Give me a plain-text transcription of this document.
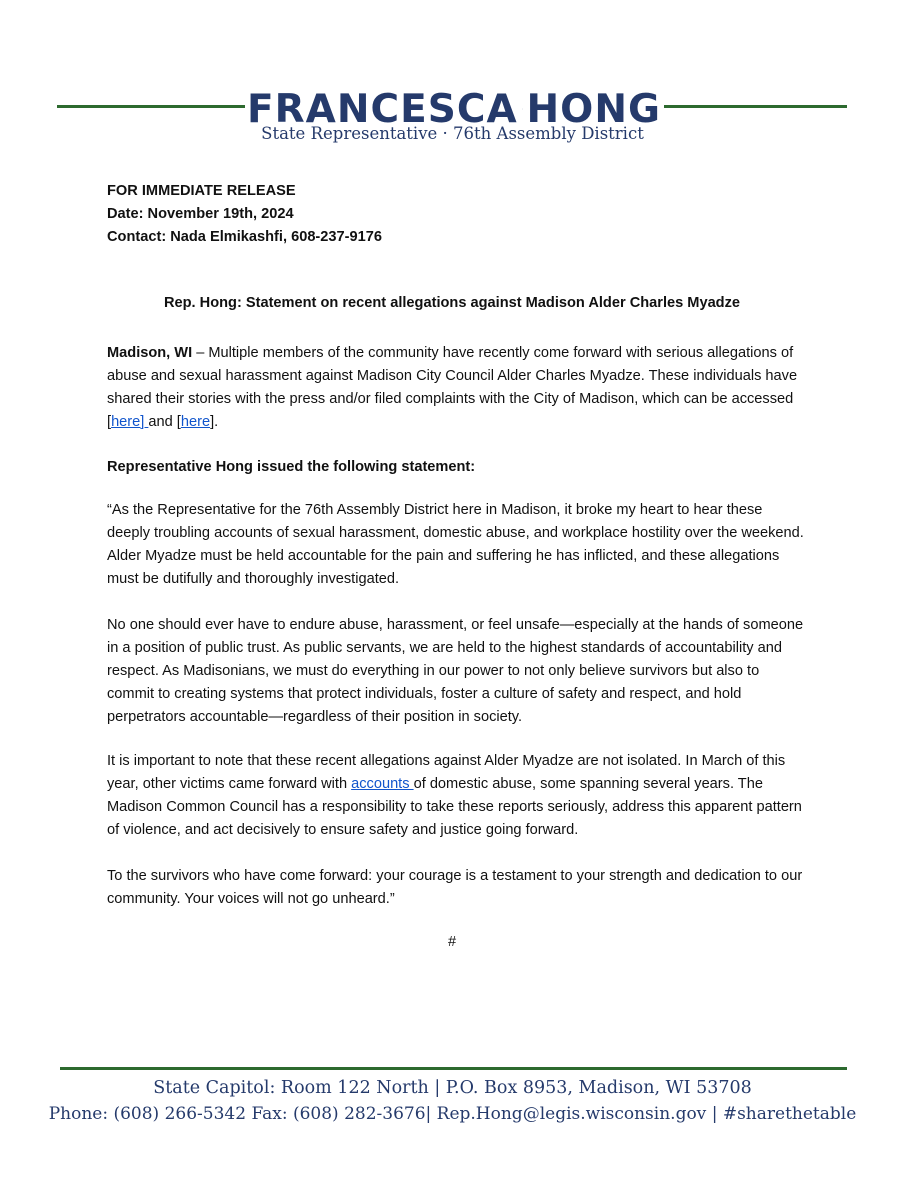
FRANCESCA HONG
State Representative · 76th Assembly District
FOR IMMEDIATE RELEASE
Date: November 19th, 2024
Contact: Nada Elmikashfi, 608-237-9176
Rep. Hong: Statement on recent allegations against Madison Alder Charles Myadze

Madison, WI – Multiple members of the community have recently come forward with serious allegations of abuse and sexual harassment against Madison City Council Alder Charles Myadze. These individuals have shared their stories with the press and/or filed complaints with the City of Madison, which can be accessed [here] and [here].

Representative Hong issued the following statement:

“As the Representative for the 76th Assembly District here in Madison, it broke my heart to hear these deeply troubling accounts of sexual harassment, domestic abuse, and workplace hostility over the weekend. Alder Myadze must be held accountable for the pain and suffering he has inflicted, and these allegations must be dutifully and thoroughly investigated.

No one should ever have to endure abuse, harassment, or feel unsafe—especially at the hands of someone in a position of public trust. As public servants, we are held to the highest standards of accountability and respect. As Madisonians, we must do everything in our power to not only believe survivors but also to commit to creating systems that protect individuals, foster a culture of safety and respect, and hold perpetrators accountable—regardless of their position in society.

It is important to note that these recent allegations against Alder Myadze are not isolated. In March of this year, other victims came forward with accounts of domestic abuse, some spanning several years. The Madison Common Council has a responsibility to take these reports seriously, address this apparent pattern of violence, and act decisively to ensure safety and justice going forward.

To the survivors who have come forward: your courage is a testament to your strength and dedication to our community. Your voices will not go unheard.”

#
State Capitol: Room 122 North | P.O. Box 8953, Madison, WI 53708
Phone: (608) 266-5342 Fax: (608) 282-3676| Rep.Hong@legis.wisconsin.gov | #sharethetable
